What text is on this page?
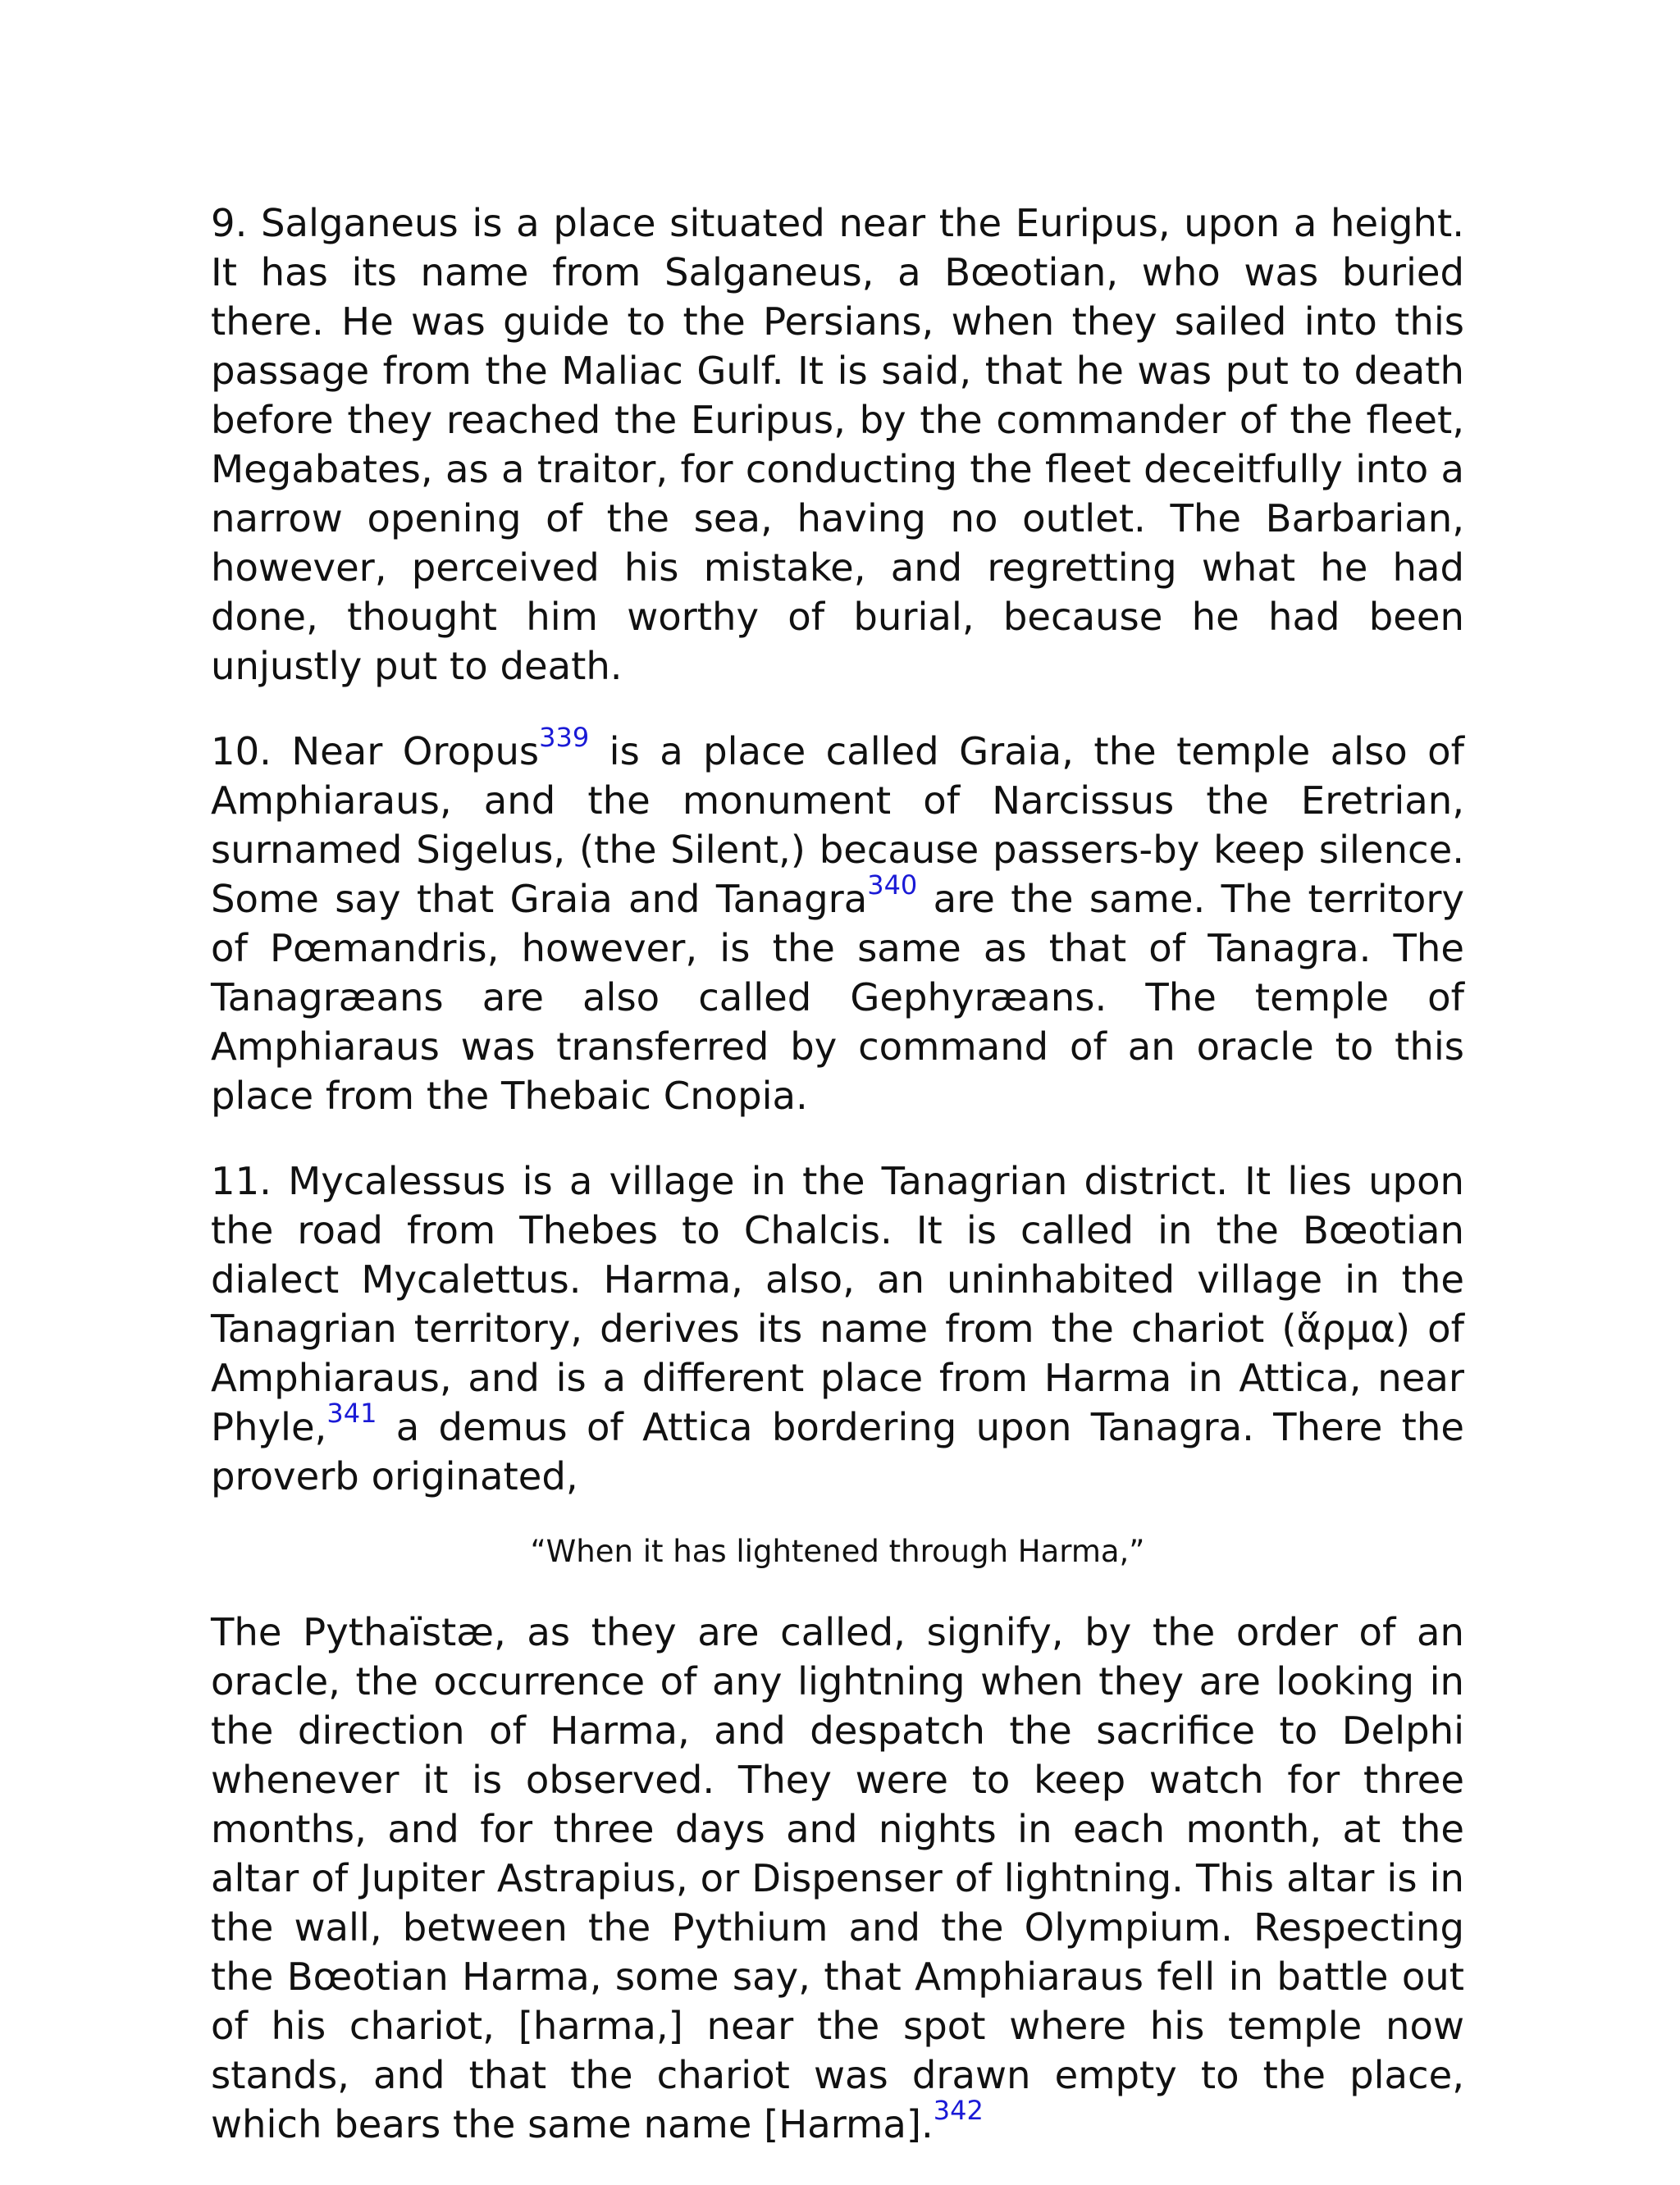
9. Salganeus is a place situated near the Euripus, upon a height. It has its name from Salganeus, a Bœotian, who was buried there. He was guide to the Persians, when they sailed into this passage from the Maliac Gulf. It is said, that he was put to death before they reached the Euripus, by the commander of the fleet, Megabates, as a traitor, for conducting the fleet deceitfully into a narrow opening of the sea, having no outlet. The Barbarian, however, perceived his mistake, and regretting what he had done, thought him worthy of burial, because he had been unjustly put to death.

10. Near Oropus$^{339}$ is a place called Graia, the temple also of Amphiaraus, and the monument of Narcissus the Eretrian, surnamed Sigelus, (the Silent,) because passers-by keep silence. Some say that Graia and Tanagra$^{340}$ are the same. The territory of Pœmandris, however, is the same as that of Tanagra. The Tanagræans are also called Gephyræans. The temple of Amphiaraus was transferred by command of an oracle to this place from the Thebaic Cnopia.

11. Mycalessus is a village in the Tanagrian district. It lies upon the road from Thebes to Chalcis. It is called in the Bœotian dialect Mycalettus. Harma, also, an uninhabited village in the Tanagrian territory, derives its name from the chariot (ἅρμα) of Amphiaraus, and is a different place from Harma in Attica, near Phyle,$^{341}$ a demus of Attica bordering upon Tanagra. There the proverb originated,

“When it has lightened through Harma,”

The Pythaïstæ, as they are called, signify, by the order of an oracle, the occurrence of any lightning when they are looking in the direction of Harma, and despatch the sacrifice to Delphi whenever it is observed. They were to keep watch for three months, and for three days and nights in each month, at the altar of Jupiter Astrapius, or Dispenser of lightning. This altar is in the wall, between the Pythium and the Olympium. Respecting the Bœotian Harma, some say, that Amphiaraus fell in battle out of his chariot, [harma,] near the spot where his temple now stands, and that the chariot was drawn empty to the place, which bears the same name [Harma].$^{342}$
